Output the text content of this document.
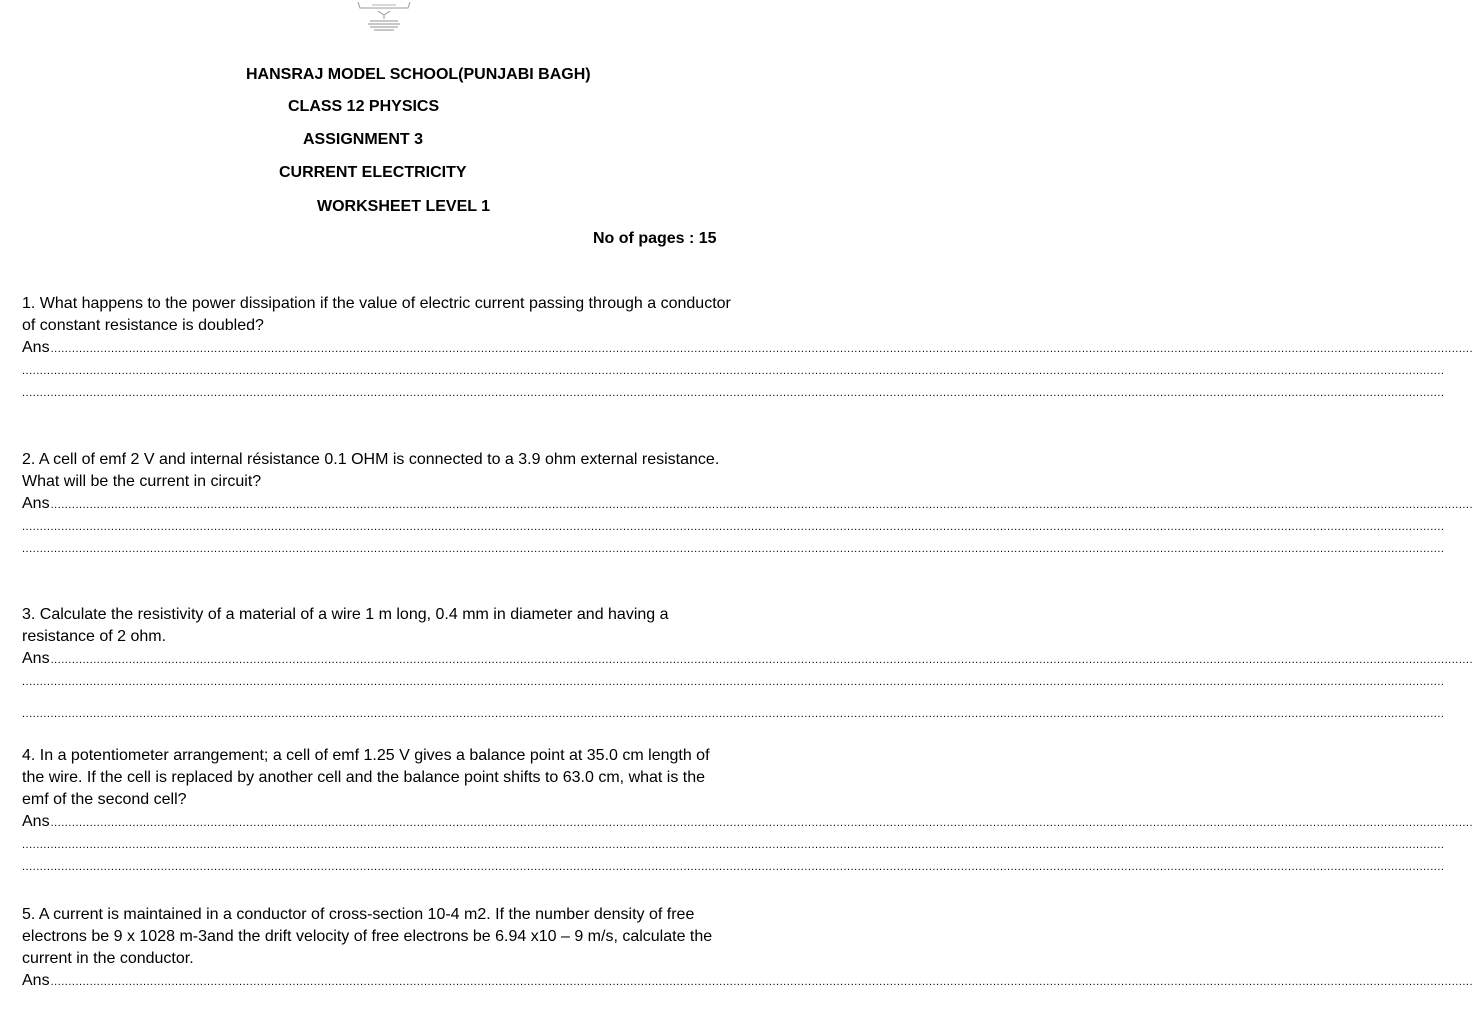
HANSRAJ MODEL SCHOOL(PUNJABI BAGH)
CLASS 12 PHYSICS
ASSIGNMENT 3
CURRENT ELECTRICITY
WORKSHEET LEVEL 1
No of pages : 15

1. What happens to the power dissipation if the value of electric current passing through a conductor of constant resistance is doubled?

Ans ................................................................................................................................................................................................................................................................................................................................................................................................................
................................................................................................................................................................................................................................................................................................................................................................................................................
................................................................................................................................................................................................................................................................................................................................................................................................................

2. A cell of emf 2 V and internal résistance 0.1 OHM is connected to a 3.9 ohm external resistance. What will be the current in circuit?

Ans ................................................................................................................................................................................................................................................................................................................................................................................................................
................................................................................................................................................................................................................................................................................................................................................................................................................
................................................................................................................................................................................................................................................................................................................................................................................................................

3. Calculate the resistivity of a material of a wire 1 m long, 0.4 mm in diameter and having a resistance of 2 ohm.

Ans ................................................................................................................................................................................................................................................................................................................................................................................................................
................................................................................................................................................................................................................................................................................................................................................................................................................
................................................................................................................................................................................................................................................................................................................................................................................................................

4. In a potentiometer arrangement; a cell of emf 1.25 V gives a balance point at 35.0 cm length of the wire. If the cell is replaced by another cell and the balance point shifts to 63.0 cm, what is the emf of the second cell?

Ans ................................................................................................................................................................................................................................................................................................................................................................................................................
................................................................................................................................................................................................................................................................................................................................................................................................................
................................................................................................................................................................................................................................................................................................................................................................................................................

5. A current is maintained in a conductor of cross-section 10-4 m2. If the number density of free electrons be 9 x 1028 m-3and the drift velocity of free electrons be 6.94 x10 – 9 m/s, calculate the current in the conductor.

Ans ................................................................................................................................................................................................................................................................................................................................................................................................................
